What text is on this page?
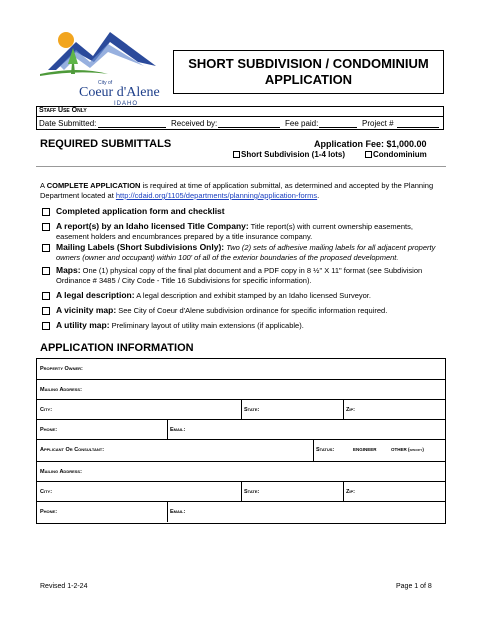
City of
Coeur d'Alene
IDAHO
SHORT SUBDIVISION / CONDOMINIUM
APPLICATION
Staff Use Only
Date Submitted:	Received by:	Fee paid:	Project #
REQUIRED SUBMITTALS	Application Fee: $1,000.00
Short Subdivision (1-4 lots)	Condominium
A COMPLETE APPLICATION is required at time of application submittal, as determined and accepted by the Planning Department located at http://cdaid.org/1105/departments/planning/application-forms.
Completed application form and checklist
A report(s) by an Idaho licensed Title Company: Title report(s) with current ownership easements, easement holders and encumbrances prepared by a title insurance company.
Mailing Labels (Short Subdivisions Only): Two (2) sets of adhesive mailing labels for all adjacent property owners (owner and occupant) within 100' of all of the exterior boundaries of the proposed development.
Maps: One (1) physical copy of the final plat document and a PDF copy in 8 ½" X 11" format (see Subdivision Ordinance # 3485 / City Code - Title 16 Subdivisions for specific information).
A legal description: A legal description and exhibit stamped by an Idaho licensed Surveyor.
A vicinity map: See City of Coeur d'Alene subdivision ordinance for specific information required.
A utility map: Preliminary layout of utility main extensions (if applicable).
APPLICATION INFORMATION
Property Owner:
Mailing Address:
City:	State:	Zip:
Phone:	Email:
Applicant Or Consultant:	Status:	ENGINEER	OTHER (specify)
Mailing Address:
City:	State:	Zip:
Phone:	Email:
Revised 1-2-24	Page 1 of 8
